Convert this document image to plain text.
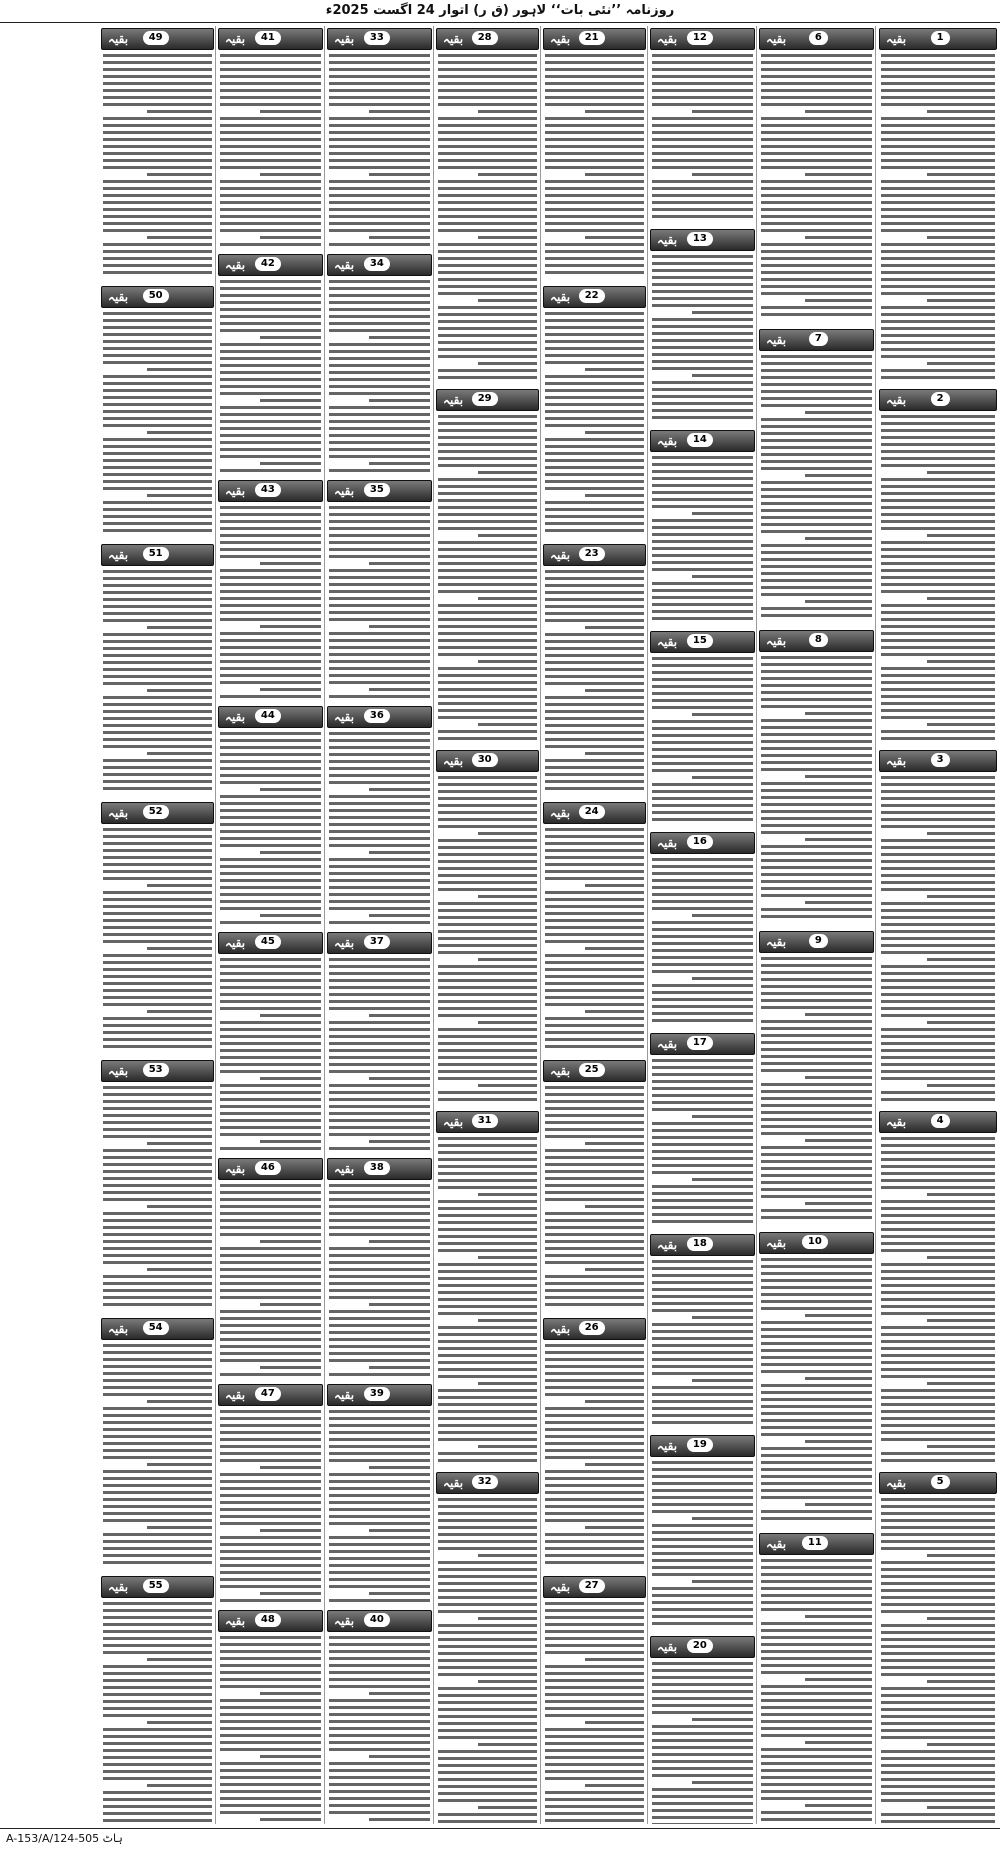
روزنامہ ’’نئی بات‘‘ لاہور (ق ر) اتوار 24 اگست 2025ء
1
بقیہ
2
بقیہ
3
بقیہ
4
بقیہ
5
بقیہ
6
بقیہ
7
بقیہ
8
بقیہ
9
بقیہ
10
بقیہ
11
بقیہ
12
بقیہ
13
بقیہ
14
بقیہ
15
بقیہ
16
بقیہ
17
بقیہ
18
بقیہ
19
بقیہ
20
بقیہ
21
بقیہ
22
بقیہ
23
بقیہ
24
بقیہ
25
بقیہ
26
بقیہ
27
بقیہ
28
بقیہ
29
بقیہ
30
بقیہ
31
بقیہ
32
بقیہ
33
بقیہ
34
بقیہ
35
بقیہ
36
بقیہ
37
بقیہ
38
بقیہ
39
بقیہ
40
بقیہ
41
بقیہ
42
بقیہ
43
بقیہ
44
بقیہ
45
بقیہ
46
بقیہ
47
بقیہ
48
بقیہ
49
بقیہ
50
بقیہ
51
بقیہ
52
بقیہ
53
بقیہ
54
بقیہ
55
بقیہ
ہاٹ 505-124/A-153/A
